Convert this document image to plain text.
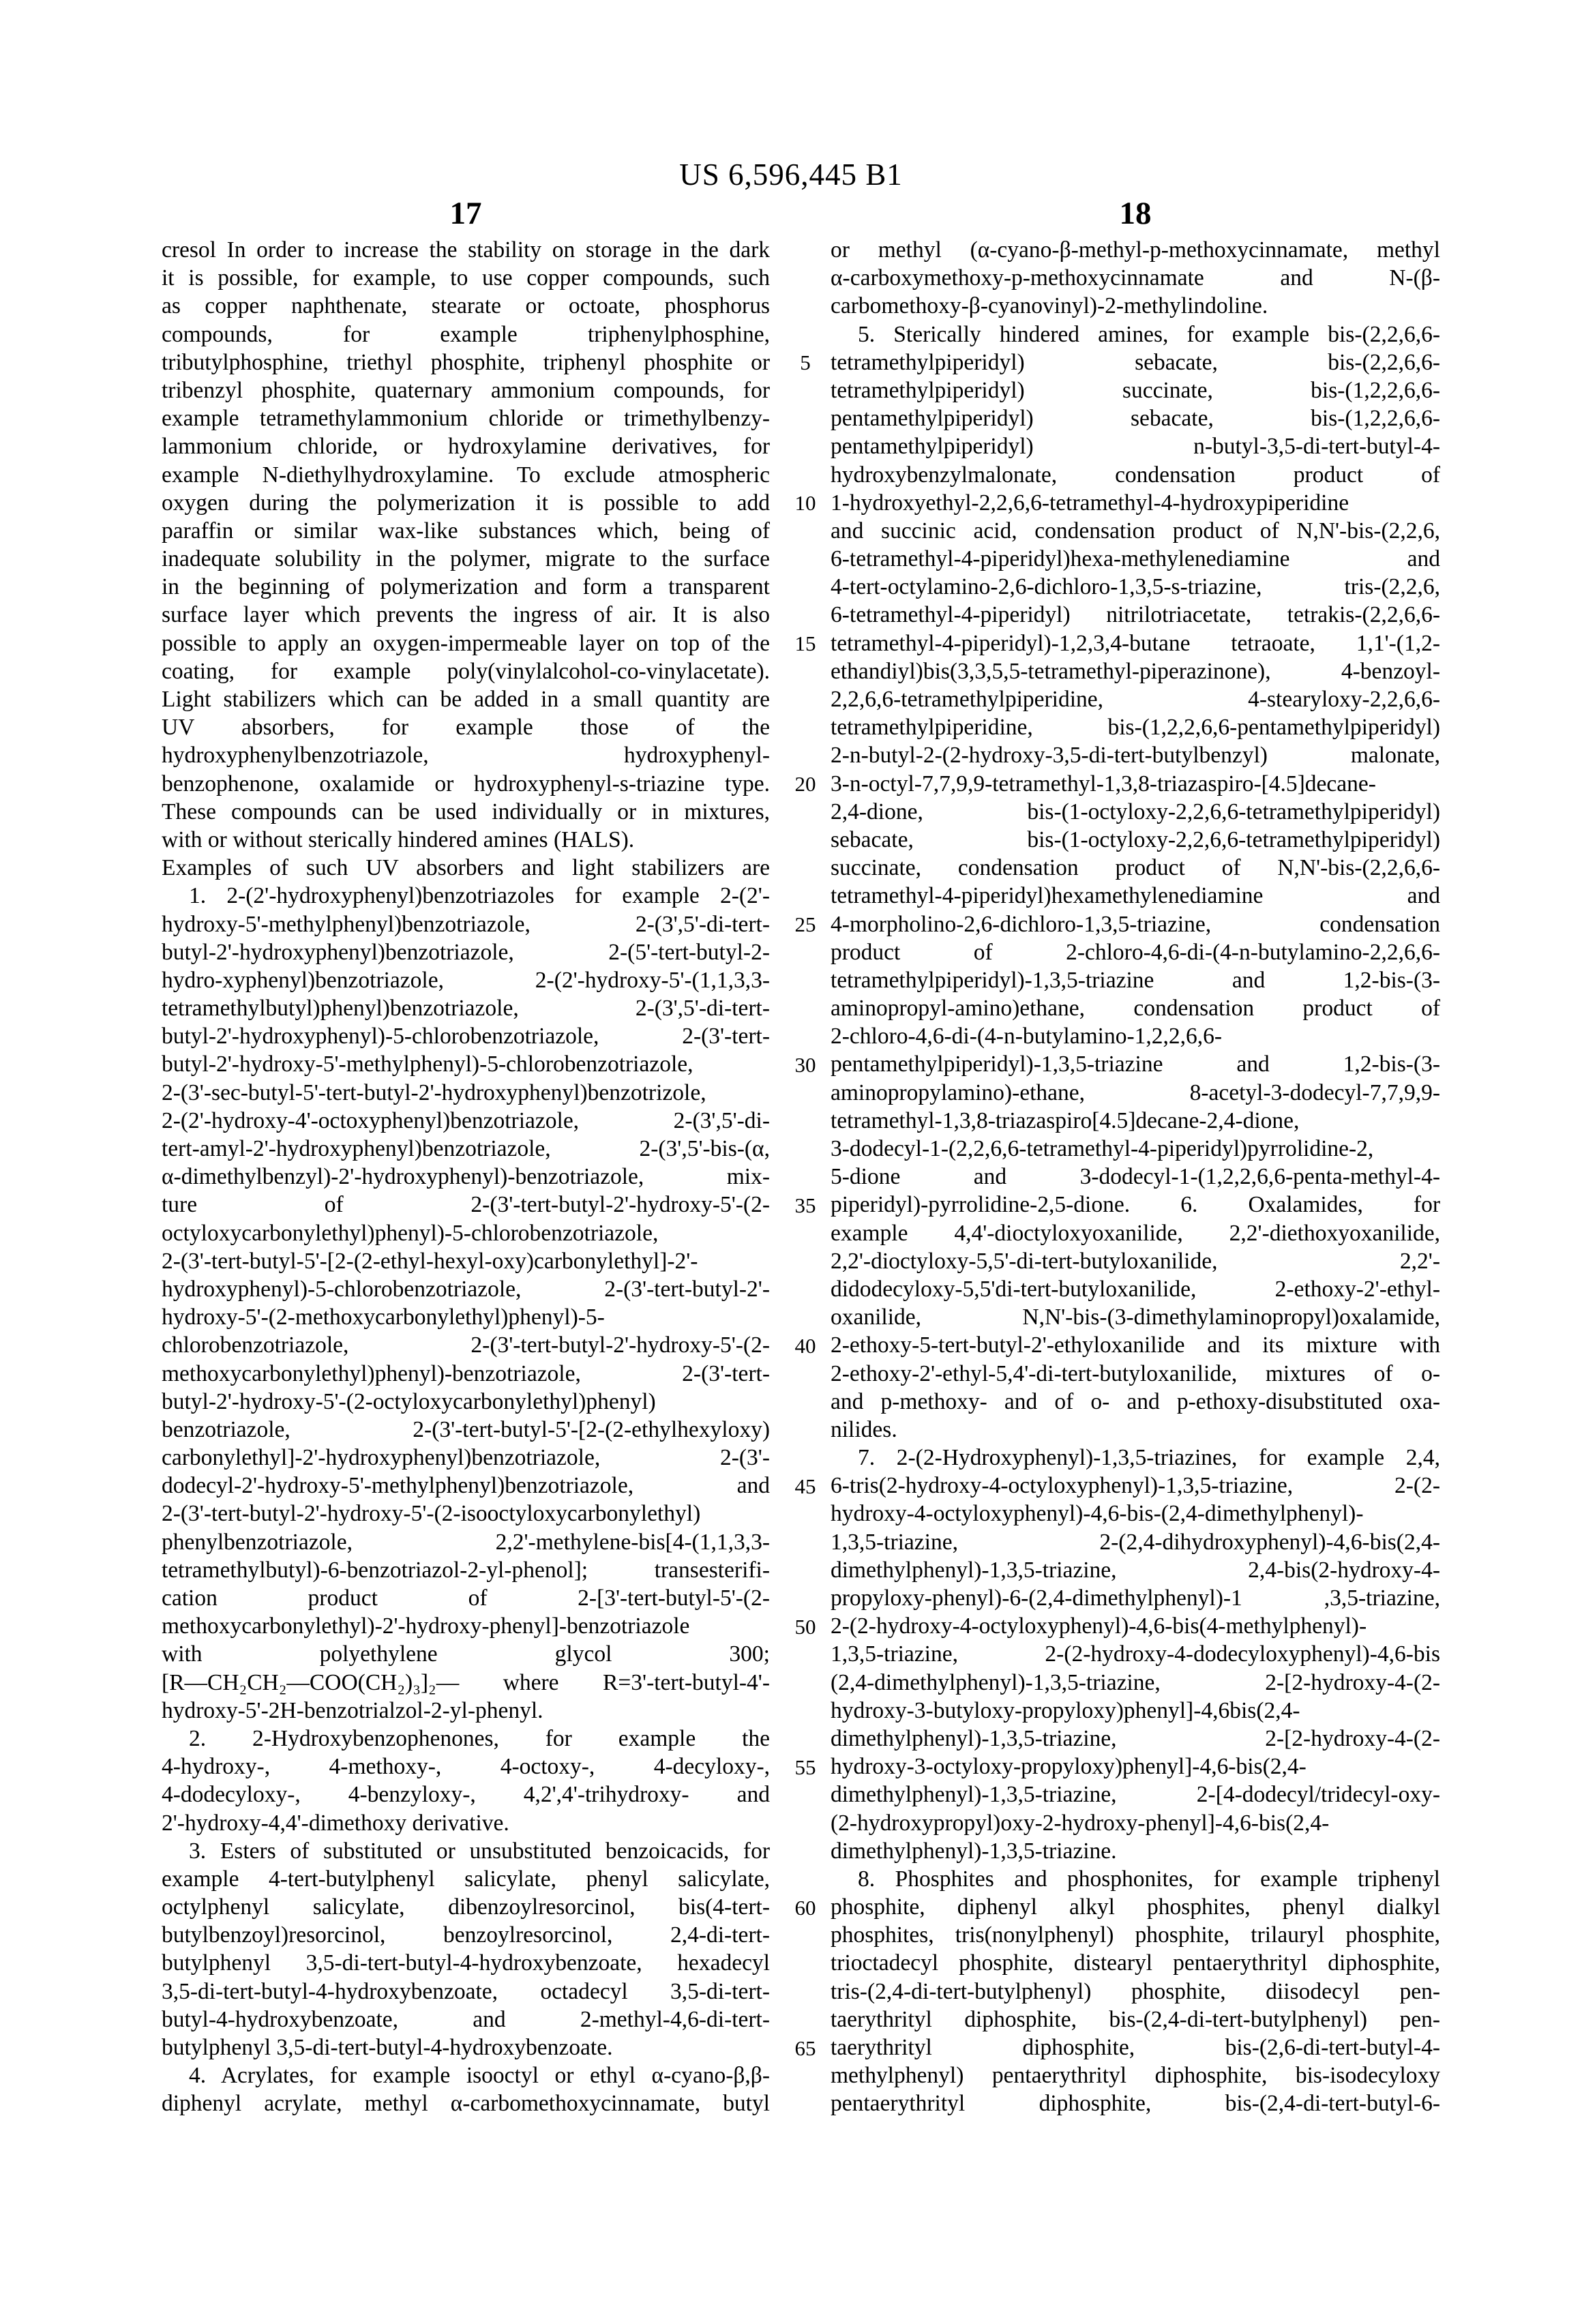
US 6,596,445 B1
17	18
cresol In order to increase the stability on storage in the dark
it is possible, for example, to use copper compounds, such
as copper naphthenate, stearate or octoate, phosphorus
compounds, for example triphenylphosphine,
tributylphosphine, triethyl phosphite, triphenyl phosphite or
tribenzyl phosphite, quaternary ammonium compounds, for
example tetramethylammonium chloride or trimethylbenzy-
lammonium chloride, or hydroxylamine derivatives, for
example N-diethylhydroxylamine. To exclude atmospheric
oxygen during the polymerization it is possible to add
paraffin or similar wax-like substances which, being of
inadequate solubility in the polymer, migrate to the surface
in the beginning of polymerization and form a transparent
surface layer which prevents the ingress of air. It is also
possible to apply an oxygen-impermeable layer on top of the
coating, for example poly(vinylalcohol-co-vinylacetate).
Light stabilizers which can be added in a small quantity are
UV absorbers, for example those of the
hydroxyphenylbenzotriazole, hydroxyphenyl-
benzophenone, oxalamide or hydroxyphenyl-s-triazine type.
These compounds can be used individually or in mixtures,
with or without sterically hindered amines (HALS).
Examples of such UV absorbers and light stabilizers are
1. 2-(2'-hydroxyphenyl)benzotriazoles for example 2-(2'-
hydroxy-5'-methylphenyl)benzotriazole, 2-(3',5'-di-tert-
butyl-2'-hydroxyphenyl)benzotriazole, 2-(5'-tert-butyl-2-
hydro-xyphenyl)benzotriazole, 2-(2'-hydroxy-5'-(1,1,3,3-
tetramethylbutyl)phenyl)benzotriazole, 2-(3',5'-di-tert-
butyl-2'-hydroxyphenyl)-5-chlorobenzotriazole, 2-(3'-tert-
butyl-2'-hydroxy-5'-methylphenyl)-5-chlorobenzotriazole,
2-(3'-sec-butyl-5'-tert-butyl-2'-hydroxyphenyl)benzotrizole,
2-(2'-hydroxy-4'-octoxyphenyl)benzotriazole, 2-(3',5'-di-
tert-amyl-2'-hydroxyphenyl)benzotriazole, 2-(3',5'-bis-(α,
α-dimethylbenzyl)-2'-hydroxyphenyl)-benzotriazole, mix-
ture of 2-(3'-tert-butyl-2'-hydroxy-5'-(2-
octyloxycarbonylethyl)phenyl)-5-chlorobenzotriazole,
2-(3'-tert-butyl-5'-[2-(2-ethyl-hexyl-oxy)carbonylethyl]-2'-
hydroxyphenyl)-5-chlorobenzotriazole, 2-(3'-tert-butyl-2'-
hydroxy-5'-(2-methoxycarbonylethyl)phenyl)-5-
chlorobenzotriazole, 2-(3'-tert-butyl-2'-hydroxy-5'-(2-
methoxycarbonylethyl)phenyl)-benzotriazole, 2-(3'-tert-
butyl-2'-hydroxy-5'-(2-octyloxycarbonylethyl)phenyl)
benzotriazole, 2-(3'-tert-butyl-5'-[2-(2-ethylhexyloxy)
carbonylethyl]-2'-hydroxyphenyl)benzotriazole, 2-(3'-
dodecyl-2'-hydroxy-5'-methylphenyl)benzotriazole, and
2-(3'-tert-butyl-2'-hydroxy-5'-(2-isooctyloxycarbonylethyl)
phenylbenzotriazole, 2,2'-methylene-bis[4-(1,1,3,3-
tetramethylbutyl)-6-benzotriazol-2-yl-phenol]; transesterifi-
cation product of 2-[3'-tert-butyl-5'-(2-
methoxycarbonylethyl)-2'-hydroxy-phenyl]-benzotriazole
with polyethylene glycol 300;
[R—CH₂CH₂—COO(CH₂)₃]₂— where R=3'-tert-butyl-4'-
hydroxy-5'-2H-benzotrialzol-2-yl-phenyl.
2. 2-Hydroxybenzophenones, for example the
4-hydroxy-, 4-methoxy-, 4-octoxy-, 4-decyloxy-,
4-dodecyloxy-, 4-benzyloxy-, 4,2',4'-trihydroxy- and
2'-hydroxy-4,4'-dimethoxy derivative.
3. Esters of substituted or unsubstituted benzoicacids, for
example 4-tert-butylphenyl salicylate, phenyl salicylate,
octylphenyl salicylate, dibenzoylresorcinol, bis(4-tert-
butylbenzoyl)resorcinol, benzoylresorcinol, 2,4-di-tert-
butylphenyl 3,5-di-tert-butyl-4-hydroxybenzoate, hexadecyl
3,5-di-tert-butyl-4-hydroxybenzoate, octadecyl 3,5-di-tert-
butyl-4-hydroxybenzoate, and 2-methyl-4,6-di-tert-
butylphenyl 3,5-di-tert-butyl-4-hydroxybenzoate.
4. Acrylates, for example isooctyl or ethyl α-cyano-β,β-
diphenyl acrylate, methyl α-carbomethoxycinnamate, butyl
5
10
15
20
25
30
35
40
45
50
55
60
65
or methyl (α-cyano-β-methyl-p-methoxycinnamate, methyl
α-carboxymethoxy-p-methoxycinnamate and N-(β-
carbomethoxy-β-cyanovinyl)-2-methylindoline.
5. Sterically hindered amines, for example bis-(2,2,6,6-
tetramethylpiperidyl) sebacate, bis-(2,2,6,6-
tetramethylpiperidyl) succinate, bis-(1,2,2,6,6-
pentamethylpiperidyl) sebacate, bis-(1,2,2,6,6-
pentamethylpiperidyl) n-butyl-3,5-di-tert-butyl-4-
hydroxybenzylmalonate, condensation product of
1-hydroxyethyl-2,2,6,6-tetramethyl-4-hydroxypiperidine
and succinic acid, condensation product of N,N'-bis-(2,2,6,
6-tetramethyl-4-piperidyl)hexa-methylenediamine and
4-tert-octylamino-2,6-dichloro-1,3,5-s-triazine, tris-(2,2,6,
6-tetramethyl-4-piperidyl) nitrilotriacetate, tetrakis-(2,2,6,6-
tetramethyl-4-piperidyl)-1,2,3,4-butane tetraoate, 1,1'-(1,2-
ethandiyl)bis(3,3,5,5-tetramethyl-piperazinone), 4-benzoyl-
2,2,6,6-tetramethylpiperidine, 4-stearyloxy-2,2,6,6-
tetramethylpiperidine, bis-(1,2,2,6,6-pentamethylpiperidyl)
2-n-butyl-2-(2-hydroxy-3,5-di-tert-butylbenzyl) malonate,
3-n-octyl-7,7,9,9-tetramethyl-1,3,8-triazaspiro-[4.5]decane-
2,4-dione, bis-(1-octyloxy-2,2,6,6-tetramethylpiperidyl)
sebacate, bis-(1-octyloxy-2,2,6,6-tetramethylpiperidyl)
succinate, condensation product of N,N'-bis-(2,2,6,6-
tetramethyl-4-piperidyl)hexamethylenediamine and
4-morpholino-2,6-dichloro-1,3,5-triazine, condensation
product of 2-chloro-4,6-di-(4-n-butylamino-2,2,6,6-
tetramethylpiperidyl)-1,3,5-triazine and 1,2-bis-(3-
aminopropyl-amino)ethane, condensation product of
2-chloro-4,6-di-(4-n-butylamino-1,2,2,6,6-
pentamethylpiperidyl)-1,3,5-triazine and 1,2-bis-(3-
aminopropylamino)-ethane, 8-acetyl-3-dodecyl-7,7,9,9-
tetramethyl-1,3,8-triazaspiro[4.5]decane-2,4-dione,
3-dodecyl-1-(2,2,6,6-tetramethyl-4-piperidyl)pyrrolidine-2,
5-dione and 3-dodecyl-1-(1,2,2,6,6-penta-methyl-4-
piperidyl)-pyrrolidine-2,5-dione. 6. Oxalamides, for
example 4,4'-dioctyloxyoxanilide, 2,2'-diethoxyoxanilide,
2,2'-dioctyloxy-5,5'-di-tert-butyloxanilide, 2,2'-
didodecyloxy-5,5'di-tert-butyloxanilide, 2-ethoxy-2'-ethyl-
oxanilide, N,N'-bis-(3-dimethylaminopropyl)oxalamide,
2-ethoxy-5-tert-butyl-2'-ethyloxanilide and its mixture with
2-ethoxy-2'-ethyl-5,4'-di-tert-butyloxanilide, mixtures of o-
and p-methoxy- and of o- and p-ethoxy-disubstituted oxa-
nilides.
7. 2-(2-Hydroxyphenyl)-1,3,5-triazines, for example 2,4,
6-tris(2-hydroxy-4-octyloxyphenyl)-1,3,5-triazine, 2-(2-
hydroxy-4-octyloxyphenyl)-4,6-bis-(2,4-dimethylphenyl)-
1,3,5-triazine, 2-(2,4-dihydroxyphenyl)-4,6-bis(2,4-
dimethylphenyl)-1,3,5-triazine, 2,4-bis(2-hydroxy-4-
propyloxy-phenyl)-6-(2,4-dimethylphenyl)-1 ,3,5-triazine,
2-(2-hydroxy-4-octyloxyphenyl)-4,6-bis(4-methylphenyl)-
1,3,5-triazine, 2-(2-hydroxy-4-dodecyloxyphenyl)-4,6-bis
(2,4-dimethylphenyl)-1,3,5-triazine, 2-[2-hydroxy-4-(2-
hydroxy-3-butyloxy-propyloxy)phenyl]-4,6bis(2,4-
dimethylphenyl)-1,3,5-triazine, 2-[2-hydroxy-4-(2-
hydroxy-3-octyloxy-propyloxy)phenyl]-4,6-bis(2,4-
dimethylphenyl)-1,3,5-triazine, 2-[4-dodecyl/tridecyl-oxy-
(2-hydroxypropyl)oxy-2-hydroxy-phenyl]-4,6-bis(2,4-
dimethylphenyl)-1,3,5-triazine.
8. Phosphites and phosphonites, for example triphenyl
phosphite, diphenyl alkyl phosphites, phenyl dialkyl
phosphites, tris(nonylphenyl) phosphite, trilauryl phosphite,
trioctadecyl phosphite, distearyl pentaerythrityl diphosphite,
tris-(2,4-di-tert-butylphenyl) phosphite, diisodecyl pen-
taerythrityl diphosphite, bis-(2,4-di-tert-butylphenyl) pen-
taerythrityl diphosphite, bis-(2,6-di-tert-butyl-4-
methylphenyl) pentaerythrityl diphosphite, bis-isodecyloxy
pentaerythrityl diphosphite, bis-(2,4-di-tert-butyl-6-
